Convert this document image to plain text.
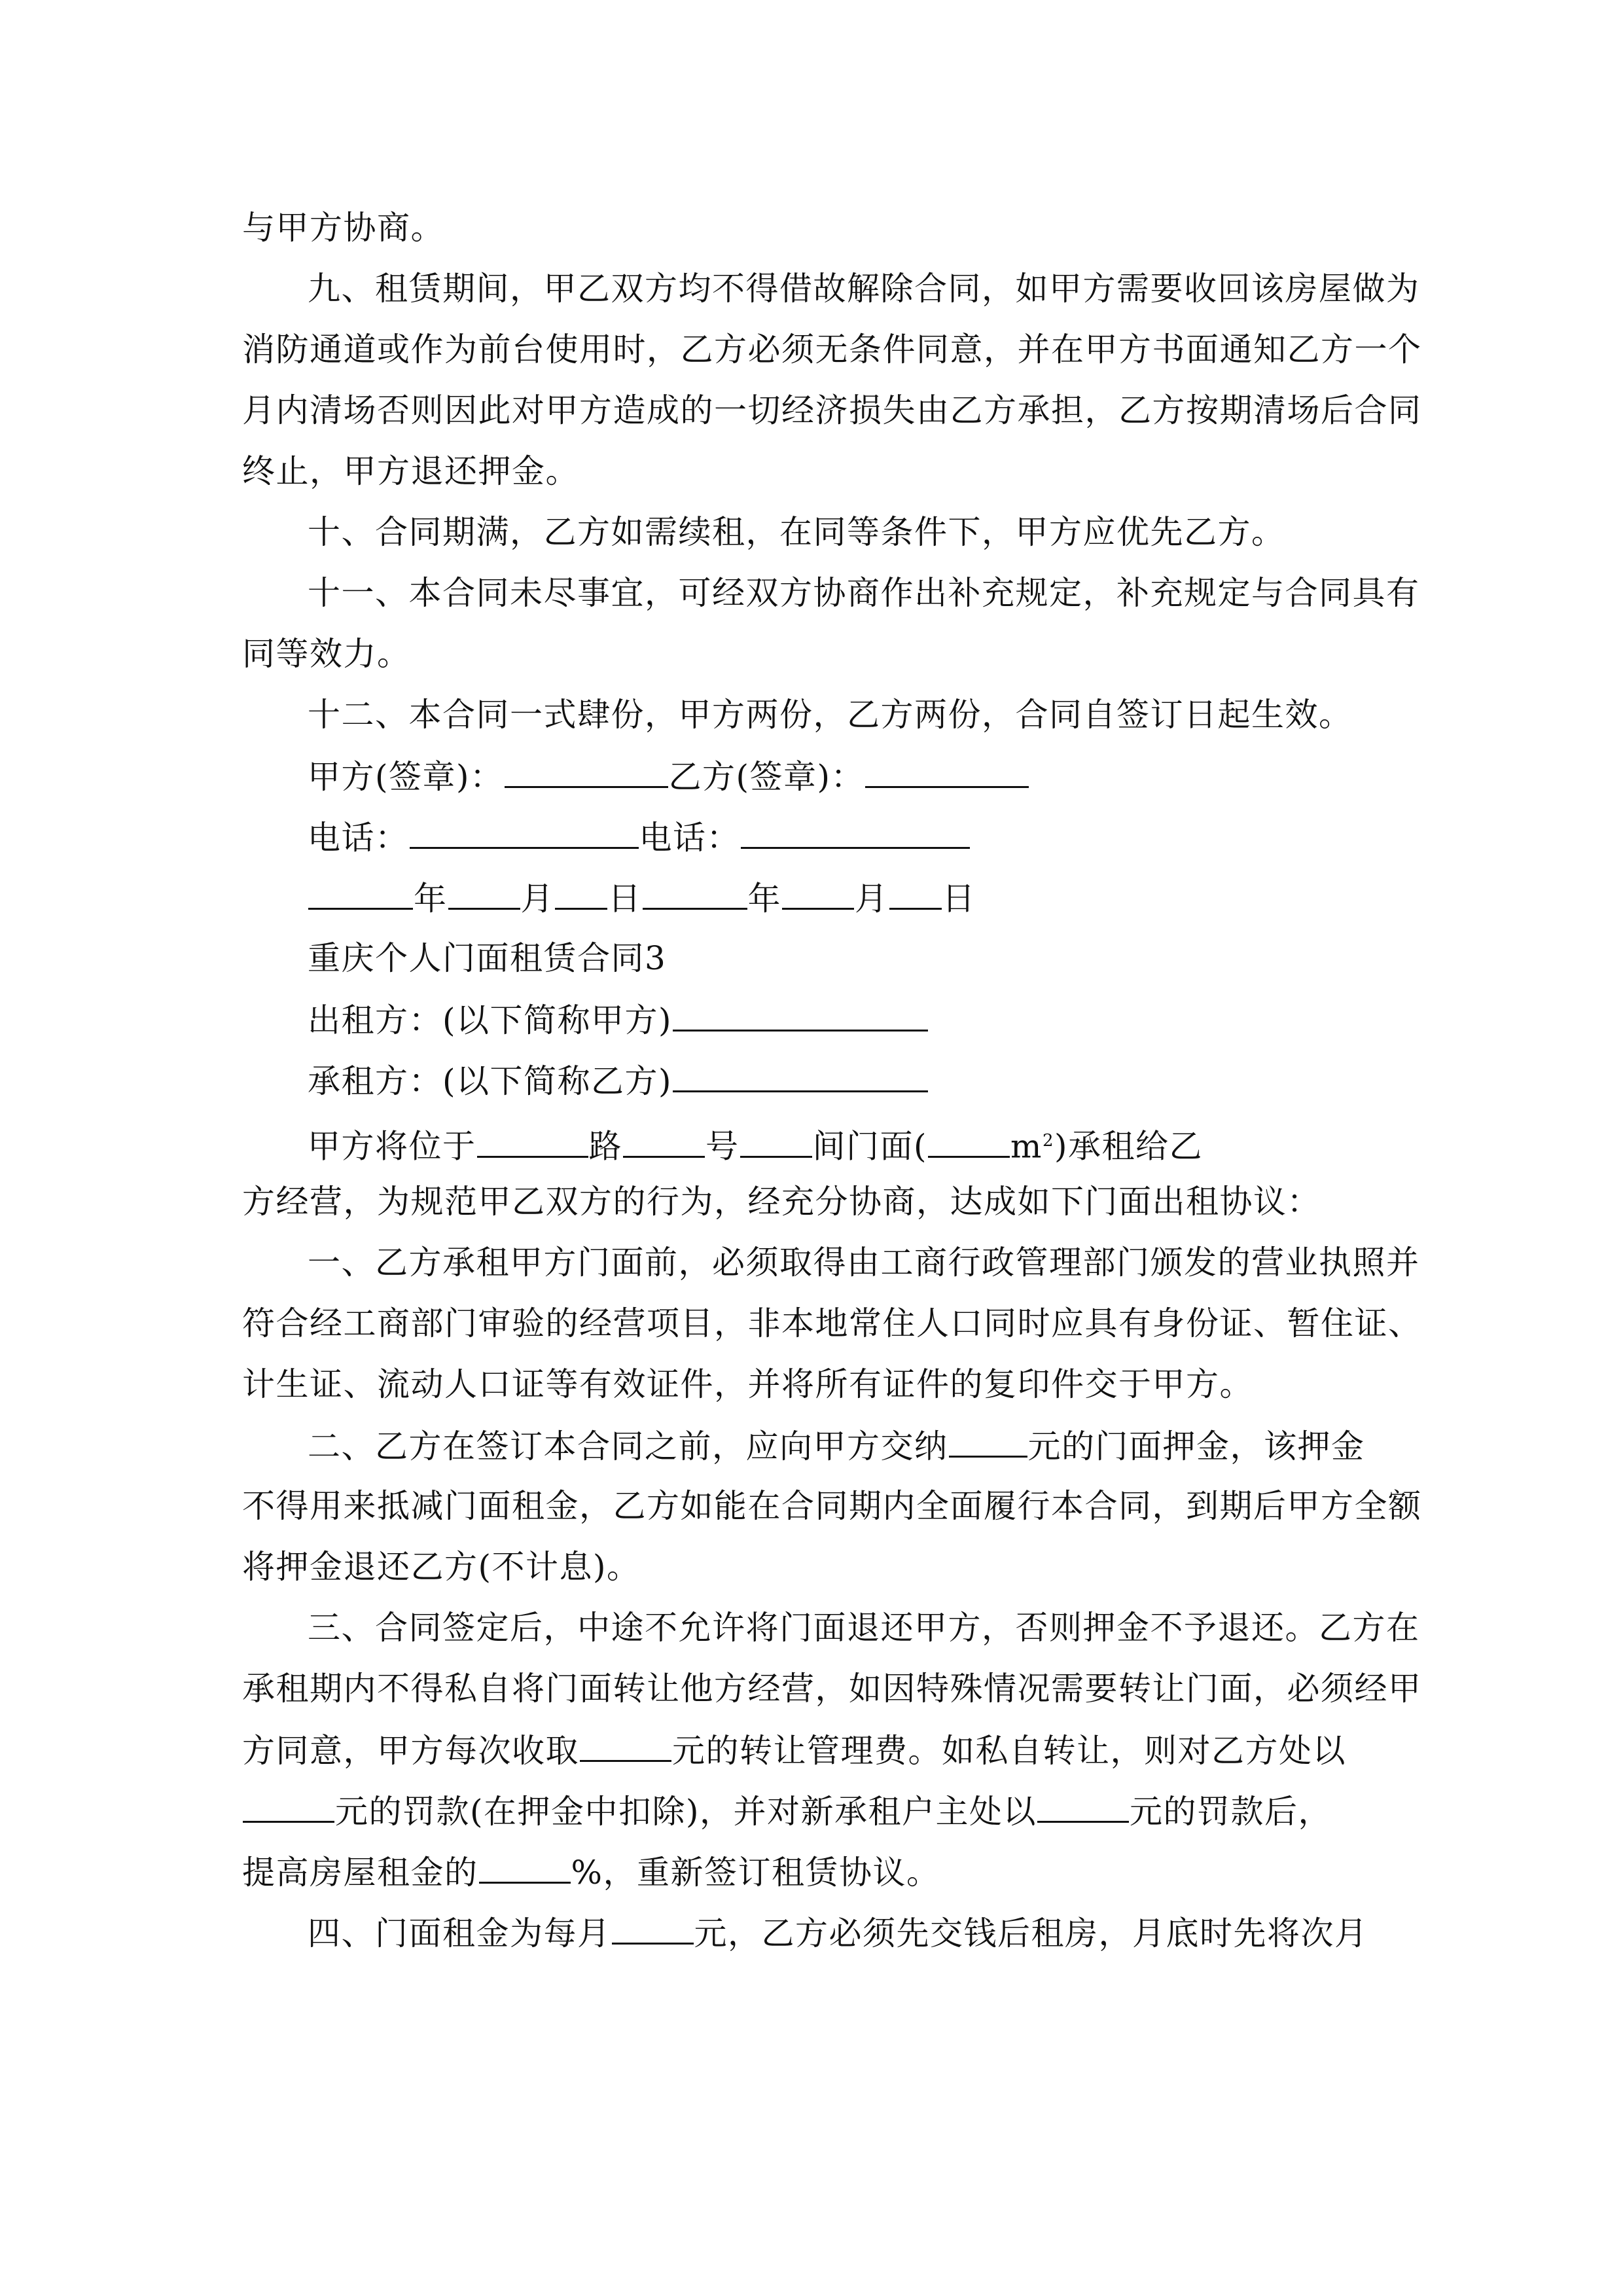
与甲方协商。
九、租赁期间，甲乙双方均不得借故解除合同，如甲方需要收回该房屋做为
消防通道或作为前台使用时，乙方必须无条件同意，并在甲方书面通知乙方一个
月内清场否则因此对甲方造成的一切经济损失由乙方承担，乙方按期清场后合同
终止，甲方退还押金。
十、合同期满，乙方如需续租，在同等条件下，甲方应优先乙方。
十一、本合同未尽事宜，可经双方协商作出补充规定，补充规定与合同具有
同等效力。
十二、本合同一式肆份，甲方两份，乙方两份，合同自签订日起生效。
甲方(签章)：	乙方(签章)：
电话：	电话：
年 月 日	年 月 日
重庆个人门面租赁合同3
出租方：(以下简称甲方)
承租方：(以下简称乙方)
甲方将位于	路	号 间门面(	$m^2$)承租给乙
方经营，为规范甲乙双方的行为，经充分协商，达成如下门面出租协议：
一、乙方承租甲方门面前，必须取得由工商行政管理部门颁发的营业执照并
符合经工商部门审验的经营项目，非本地常住人口同时应具有身份证、暂住证、
计生证、流动人口证等有效证件，并将所有证件的复印件交于甲方。
二、乙方在签订本合同之前，应向甲方交纳 元的门面押金，该押金
不得用来抵减门面租金，乙方如能在合同期内全面履行本合同，到期后甲方全额
将押金退还乙方(不计息)。
三、合同签定后，中途不允许将门面退还甲方，否则押金不予退还。乙方在
承租期内不得私自将门面转让他方经营，如因特殊情况需要转让门面，必须经甲
方同意，甲方每次收取	元的转让管理费。如私自转让，则对乙方处以
元的罚款(在押金中扣除)，并对新承租户主处以	元的罚款后，
提高房屋租金的	%，重新签订租赁协议。
四、门面租金为每月	元，乙方必须先交钱后租房，月底时先将次月
